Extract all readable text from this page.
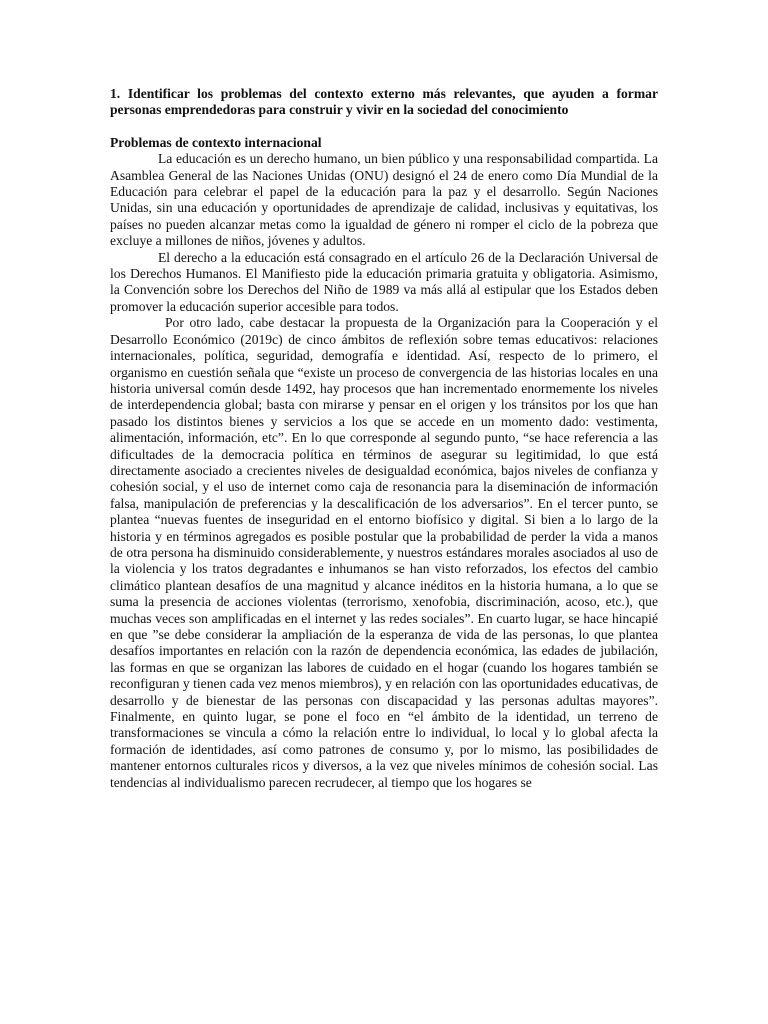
1. Identificar los problemas del contexto externo más relevantes, que ayuden a formar personas emprendedoras para construir y vivir en la sociedad del conocimiento

Problemas de contexto internacional

La educación es un derecho humano, un bien público y una responsabilidad compartida. La Asamblea General de las Naciones Unidas (ONU) designó el 24 de enero como Día Mundial de la Educación para celebrar el papel de la educación para la paz y el desarrollo. Según Naciones Unidas, sin una educación y oportunidades de aprendizaje de calidad, inclusivas y equitativas, los países no pueden alcanzar metas como la igualdad de género ni romper el ciclo de la pobreza que excluye a millones de niños, jóvenes y adultos.

El derecho a la educación está consagrado en el artículo 26 de la Declaración Universal de los Derechos Humanos. El Manifiesto pide la educación primaria gratuita y obligatoria. Asimismo, la Convención sobre los Derechos del Niño de 1989 va más allá al estipular que los Estados deben promover la educación superior accesible para todos.

Por otro lado, cabe destacar la propuesta de la Organización para la Cooperación y el Desarrollo Económico (2019c) de cinco ámbitos de reflexión sobre temas educativos: relaciones internacionales, política, seguridad, demografía e identidad. Así, respecto de lo primero, el organismo en cuestión señala que “existe un proceso de convergencia de las historias locales en una historia universal común desde 1492, hay procesos que han incrementado enormemente los niveles de interdependencia global; basta con mirarse y pensar en el origen y los tránsitos por los que han pasado los distintos bienes y servicios a los que se accede en un momento dado: vestimenta, alimentación, información, etc”. En lo que corresponde al segundo punto, “se hace referencia a las dificultades de la democracia política en términos de asegurar su legitimidad, lo que está directamente asociado a crecientes niveles de desigualdad económica, bajos niveles de confianza y cohesión social, y el uso de internet como caja de resonancia para la diseminación de información falsa, manipulación de preferencias y la descalificación de los adversarios”. En el tercer punto, se plantea “nuevas fuentes de inseguridad en el entorno biofísico y digital. Si bien a lo largo de la historia y en términos agregados es posible postular que la probabilidad de perder la vida a manos de otra persona ha disminuido considerablemente, y nuestros estándares morales asociados al uso de la violencia y los tratos degradantes e inhumanos se han visto reforzados, los efectos del cambio climático plantean desafíos de una magnitud y alcance inéditos en la historia humana, a lo que se suma la presencia de acciones violentas (terrorismo, xenofobia, discriminación, acoso, etc.), que muchas veces son amplificadas en el internet y las redes sociales”. En cuarto lugar, se hace hincapié en que ”se debe considerar la ampliación de la esperanza de vida de las personas, lo que plantea desafíos importantes en relación con la razón de dependencia económica, las edades de jubilación, las formas en que se organizan las labores de cuidado en el hogar (cuando los hogares también se reconfiguran y tienen cada vez menos miembros), y en relación con las oportunidades educativas, de desarrollo y de bienestar de las personas con discapacidad y las personas adultas mayores”. Finalmente, en quinto lugar, se pone el foco en “el ámbito de la identidad, un terreno de transformaciones se vincula a cómo la relación entre lo individual, lo local y lo global afecta la formación de identidades, así como patrones de consumo y, por lo mismo, las posibilidades de mantener entornos culturales ricos y diversos, a la vez que niveles mínimos de cohesión social. Las tendencias al individualismo parecen recrudecer, al tiempo que los hogares se
